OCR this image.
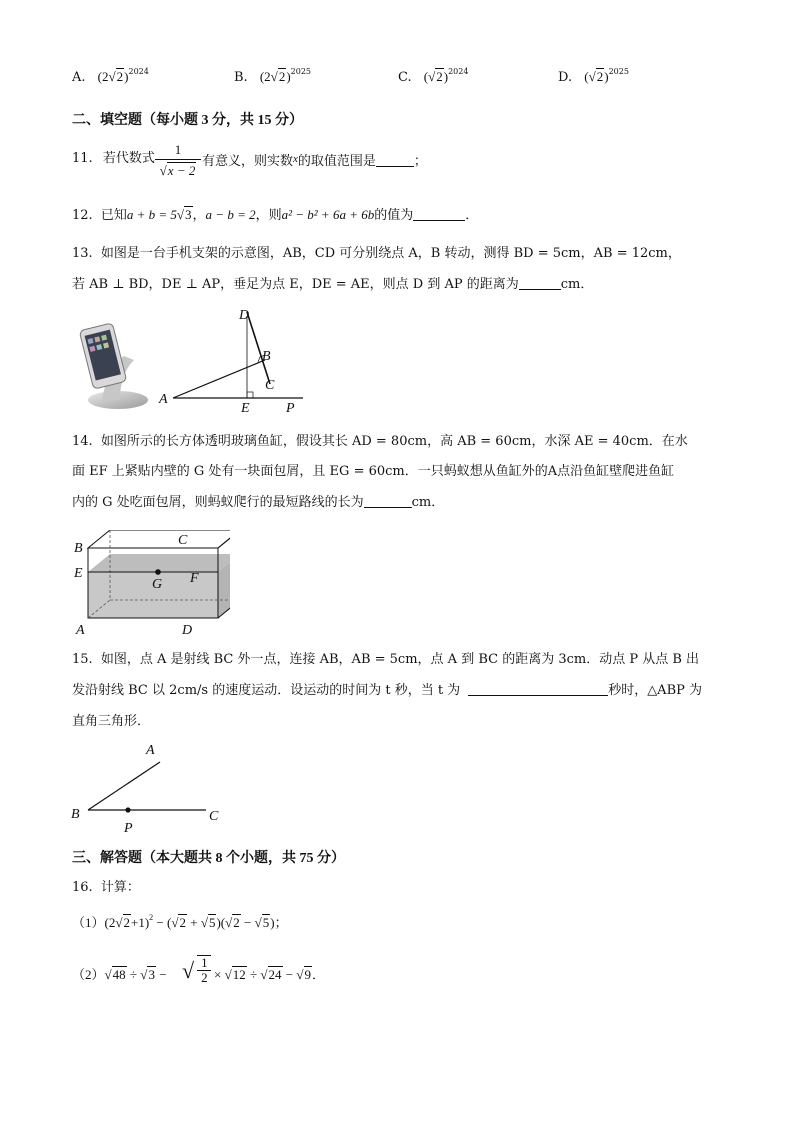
A. $(2√2)^{2024}$	B. $(2√2)^{2025}$	C. $(√2)^{2024}$	D. $(√2)^{2025}$
二、填空题（每小题 3 分，共 15 分）
11. 若代数式
1
√x − 2
有意义，则实数$^x$的取值范围是	；
12. 已知a + b = 5√3，a − b = 2，则a² − b² + 6a + 6b的值为	．
13. 如图是一台手机支架的示意图，AB，CD 可分别绕点 A，B 转动，测得 BD = 5cm，AB = 12cm，
若 AB ⊥ BD，DE ⊥ AP，垂足为点 E，DE = AE，则点 D 到 AP 的距离为	cm．
A
D
B
C
E	P
14. 如图所示的长方体透明玻璃鱼缸，假设其长 AD = 80cm，高 AB = 60cm，水深 AE = 40cm．在水
面 EF 上紧贴内壁的 G 处有一块面包屑，且 EG = 60cm．一只蚂蚁想从鱼缸外的A点沿鱼缸壁爬进鱼缸
内的 G 处吃面包屑，则蚂蚁爬行的最短路线的长为	cm．
B
C
E
G F
A	D
15. 如图，点 A 是射线 BC 外一点，连接 AB，AB = 5cm，点 A 到 BC 的距离为 3cm．动点 P 从点 B 出
发沿射线 BC 以 2cm/s 的速度运动．设运动的时间为 t 秒，当 t 为	秒时，△ABP 为
直角三角形．
A
B	C
P
三、解答题（本大题共 8 个小题，共 75 分）
16. 计算：
$(1)(2√2+1)^2 - (√2 + √5)(√2 - √5)$；
（2）√48 ÷ √3 − √ $\frac{1}{2} \times √12 \div √24 - √9$．
